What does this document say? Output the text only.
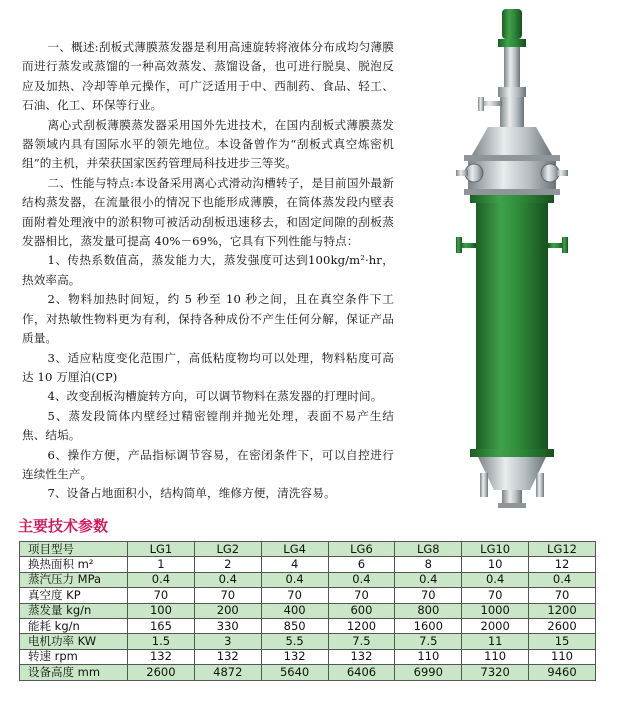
一、概述:刮板式薄膜蒸发器是利用高速旋转将液体分布成均匀薄膜而进行蒸发或蒸馏的一种高效蒸发、蒸馏设备，也可进行脱臭、脱泡反应及加热、冷却等单元操作，可广泛适用于中、西制药、食品、轻工、石油、化工、环保等行业。

离心式刮板薄膜蒸发器采用国外先进技术，在国内刮板式薄膜蒸发器领域内具有国际水平的领先地位。本设备曾作为“刮板式真空炼密机组”的主机，并荣获国家医药管理局科技进步三等奖。

二、性能与特点:本设备采用离心式滑动沟槽转子，是目前国外最新结构蒸发器，在流量很小的情况下也能形成薄膜，在筒体蒸发段内壁表面附着处理液中的淤积物可被活动刮板迅速移去，和固定间隙的刮板蒸发器相比，蒸发量可提高 40%－69%，它具有下列性能与特点：

1、传热系数值高，蒸发能力大，蒸发强度可达到100kg/m²·hr，热效率高。

2、物料加热时间短，约 5 秒至 10 秒之间，且在真空条件下工作，对热敏性物料更为有利，保持各种成份不产生任何分解，保证产品质量。

3、适应粘度变化范围广，高低粘度物均可以处理，物料粘度可高达 10 万厘泊(CP)

4、改变刮板沟槽旋转方向，可以调节物料在蒸发器的打理时间。

5、蒸发段筒体内壁经过精密镗削并抛光处理，表面不易产生结焦、结垢。

6、操作方便，产品指标调节容易，在密闭条件下，可以自控进行连续性生产。

7、设备占地面积小，结构简单，维修方便，清洗容易。

主要技术参数
项目型号	LG1	LG2	LG4	LG6	LG8	LG10	LG12
换热面积 m²	1	2	4	6	8	10	12
蒸汽压力 MPa	0.4	0.4	0.4	0.4	0.4	0.4	0.4
真空度 KP	70	70	70	70	70	70	70
蒸发量 kg/n	100	200	400	600	800	1000	1200
能耗 kg/n	165	330	850	1200	1600	2000	2600
电机功率 KW	1.5	3	5.5	7.5	7.5	11	15
转速 rpm	132	132	132	132	110	110	110
设备高度 mm	2600	4872	5640	6406	6990	7320	9460
